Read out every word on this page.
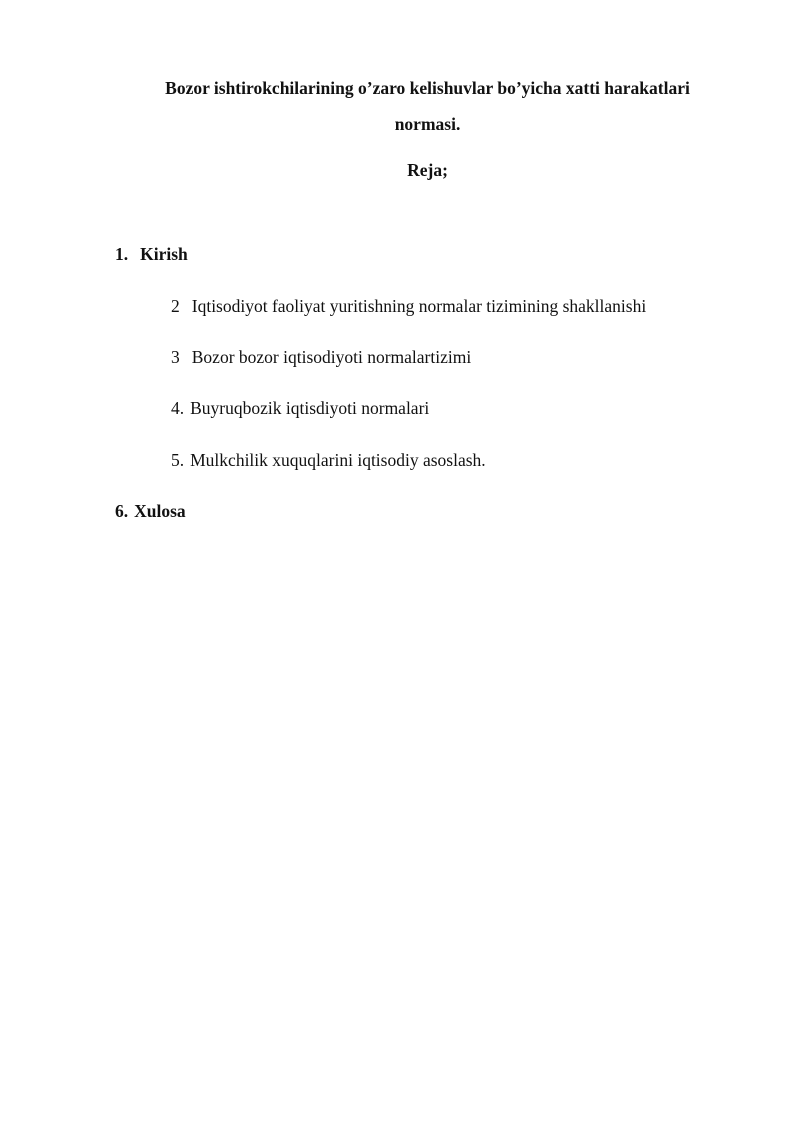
Bozor ishtirokchilarining o’zaro kelishuvlar bo’yicha xatti harakatlari
normasi.
Reja;
1. Kirish
2 Iqtisodiyot faoliyat yuritishning normalar tizimining shakllanishi
3 Bozor bozor iqtisodiyoti normalartizimi
4. Buyruqbozik iqtisdiyoti normalari
5. Mulkchilik xuquqlarini iqtisodiy asoslash.
6. Xulosa
